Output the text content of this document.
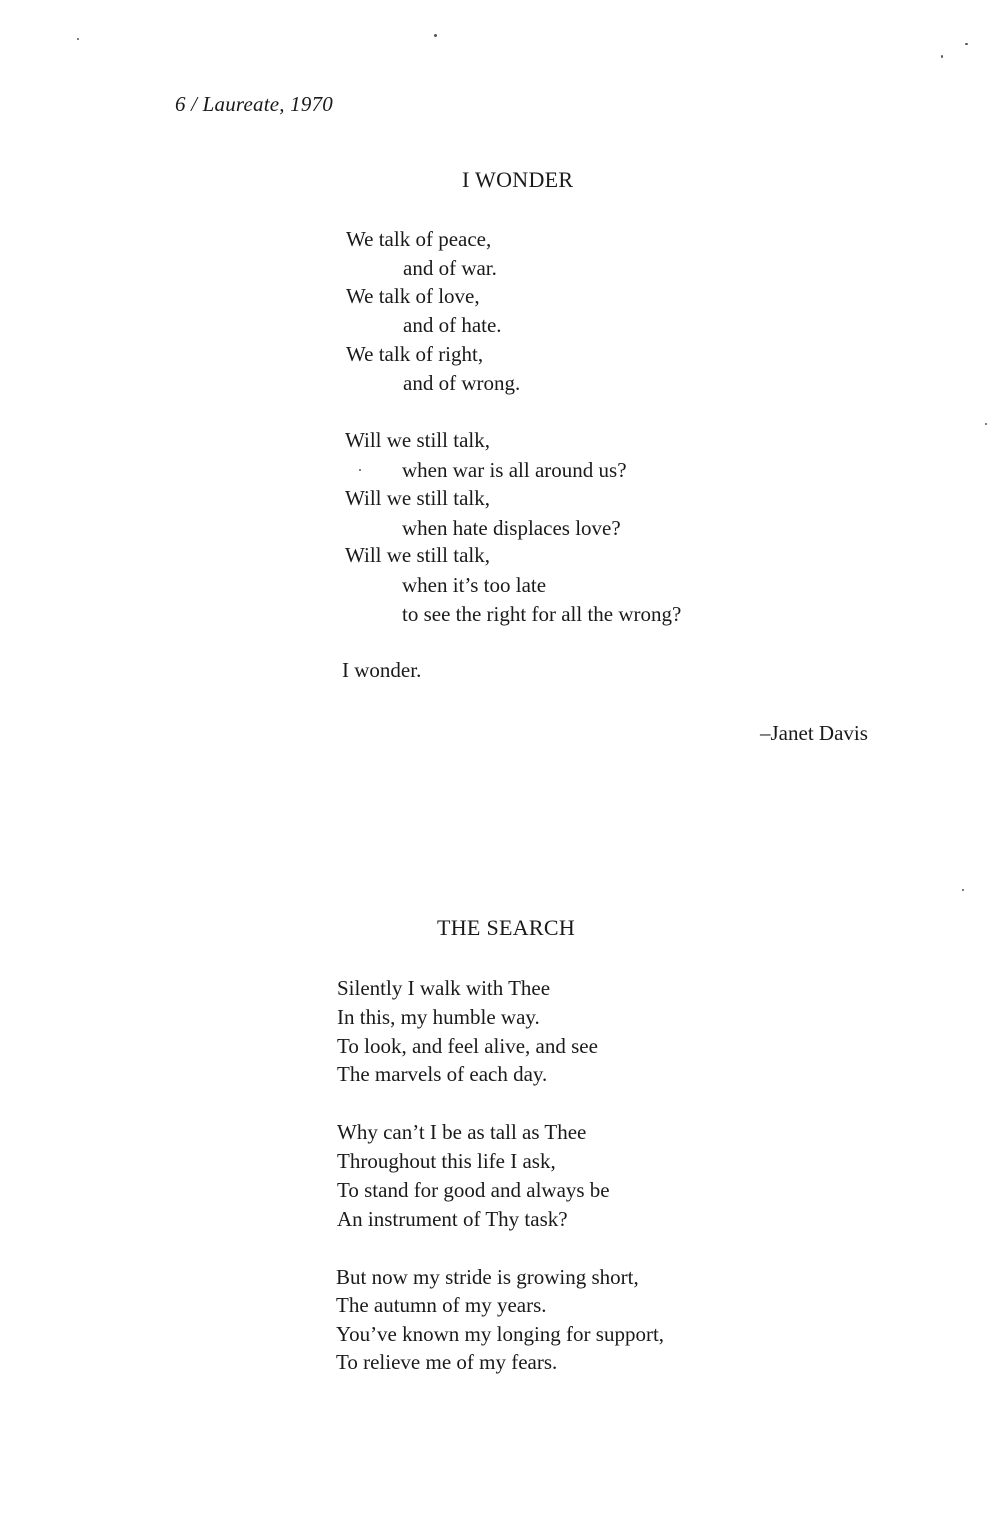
6 / Laureate, 1970
I WONDER
We talk of peace,
and of war.
We talk of love,
and of hate.
We talk of right,
and of wrong.
Will we still talk,
when war is all around us?
Will we still talk,
when hate displaces love?
Will we still talk,
when it’s too late
to see the right for all the wrong?
I wonder.
–Janet Davis
THE SEARCH
Silently I walk with Thee
In this, my humble way.
To look, and feel alive, and see
The marvels of each day.
Why can’t I be as tall as Thee
Throughout this life I ask,
To stand for good and always be
An instrument of Thy task?
But now my stride is growing short,
The autumn of my years.
You’ve known my longing for support,
To relieve me of my fears.
